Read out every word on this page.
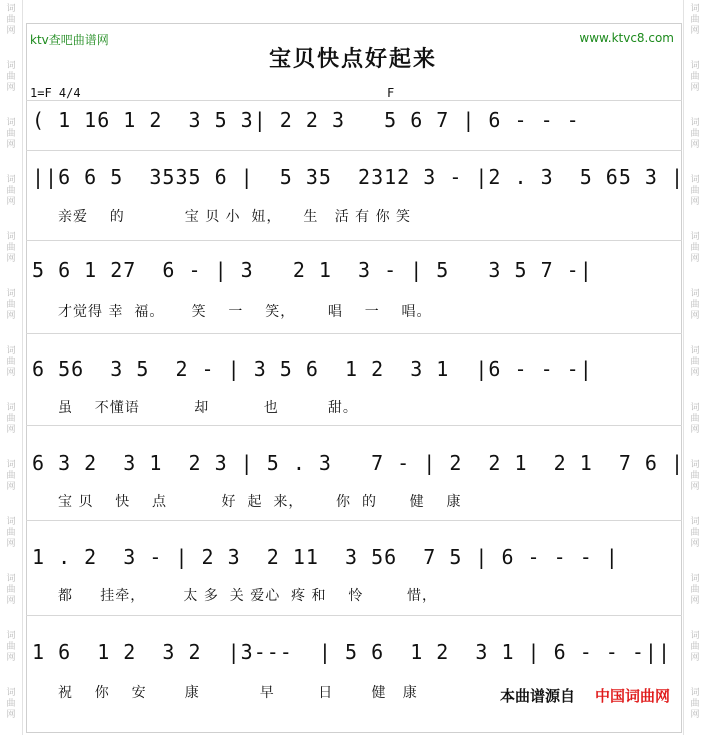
词
曲
网
词
曲
网
词
曲
网
词
曲
网
词
曲
网
词
曲
网
词
曲
网
词
曲
网
词
曲
网
词
曲
网
词
曲
网
词
曲
网
词
曲
网
词
曲
网
词
曲
网
词
曲
网
词
曲
网
词
曲
网
词
曲
网
词
曲
网
词
曲
网
词
曲
网
词
曲
网
词
曲
网
词
曲
网
词
曲
网
ktv查吧曲谱网	www.ktvc8.com
宝贝快点好起来
1=F 4/4	F
( 1 16 1 2  3 5 3| 2 2 3   5 6 7 | 6 - - -
||6 6 5  3535 6 |  5 35  2312 3 - |2 . 3  5 65 3 |
亲爱    的           宝 贝 小  妞，    生   活 有 你 笑
5 6 1 27  6 - | 3   2 1  3 - | 5   3 5 7 -|
才觉得 幸  福。     笑    一    笑，      唱    一    唱。
6 56  3 5  2 - | 3 5 6  1 2  3 1  |6 - - -|
虽    不懂语          却          也         甜。
6 3 2  3 1  2 3 | 5 . 3   7 - | 2  2 1  2 1  7 6 |
宝 贝    快    点          好  起  来，      你  的      健    康
1 . 2  3 - | 2 3  2 11  3 56  7 5 | 6 - - - |
都     挂牵，       太 多  关 爱心  疼 和    怜        惜，
1 6  1 2  3 2  |3---  | 5 6  1 2  3 1 | 6 - - -||
祝    你    安       康           早        日       健   康	本曲谱源自 中国词曲网
